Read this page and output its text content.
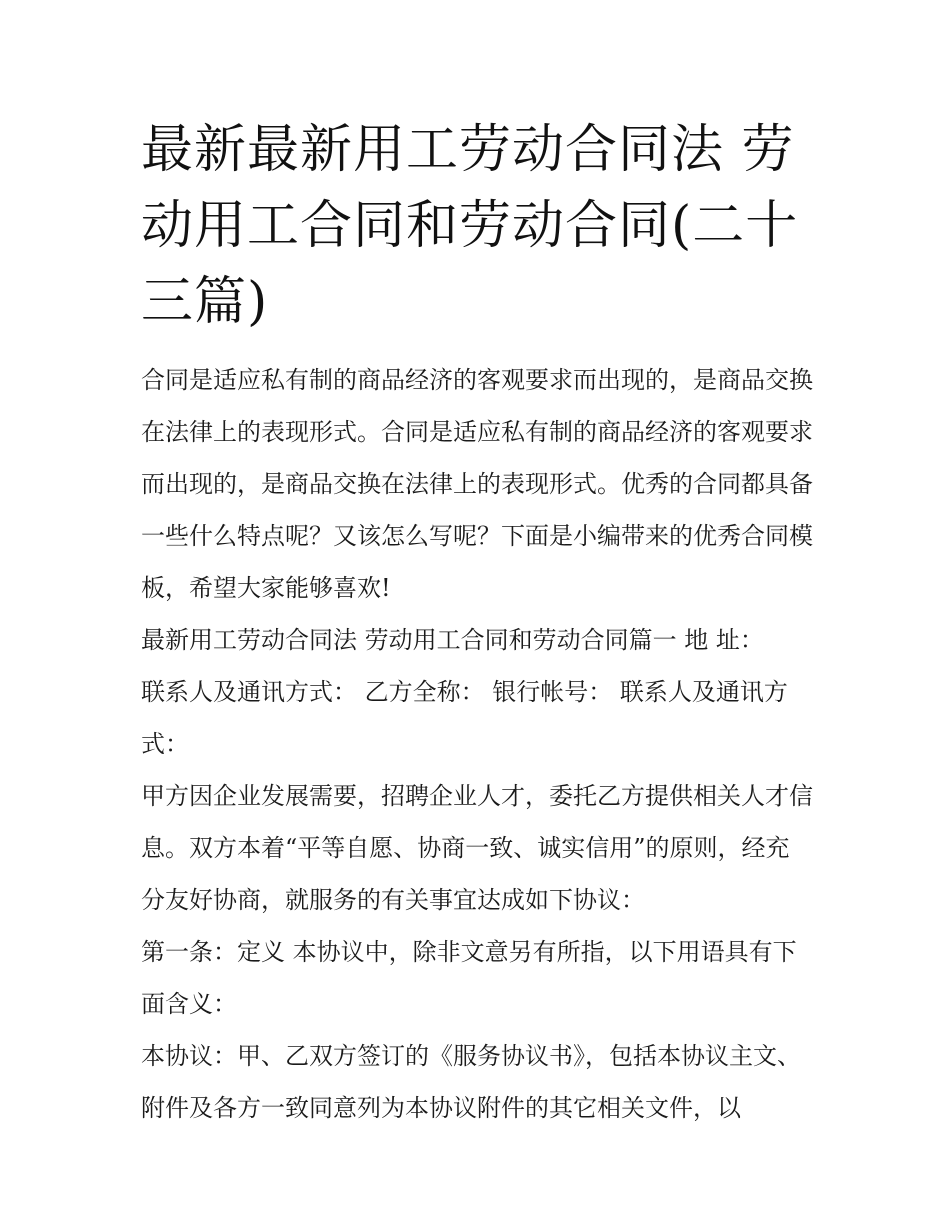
最新最新用工劳动合同法 劳动用工合同和劳动合同(二十三篇)

合同是适应私有制的商品经济的客观要求而出现的，是商品交换在法律上的表现形式。合同是适应私有制的商品经济的客观要求而出现的，是商品交换在法律上的表现形式。优秀的合同都具备一些什么特点呢？又该怎么写呢？下面是小编带来的优秀合同模板，希望大家能够喜欢!

最新用工劳动合同法 劳动用工合同和劳动合同篇一 地 址：

联系人及通讯方式： 乙方全称： 银行帐号： 联系人及通讯方式：

甲方因企业发展需要，招聘企业人才，委托乙方提供相关人才信息。双方本着“平等自愿、协商一致、诚实信用”的原则，经充分友好协商，就服务的有关事宜达成如下协议：

第一条：定义 本协议中，除非文意另有所指，以下用语具有下面含义：

本协议：甲、乙双方签订的《服务协议书》，包括本协议主文、附件及各方一致同意列为本协议附件的其它相关文件，以
